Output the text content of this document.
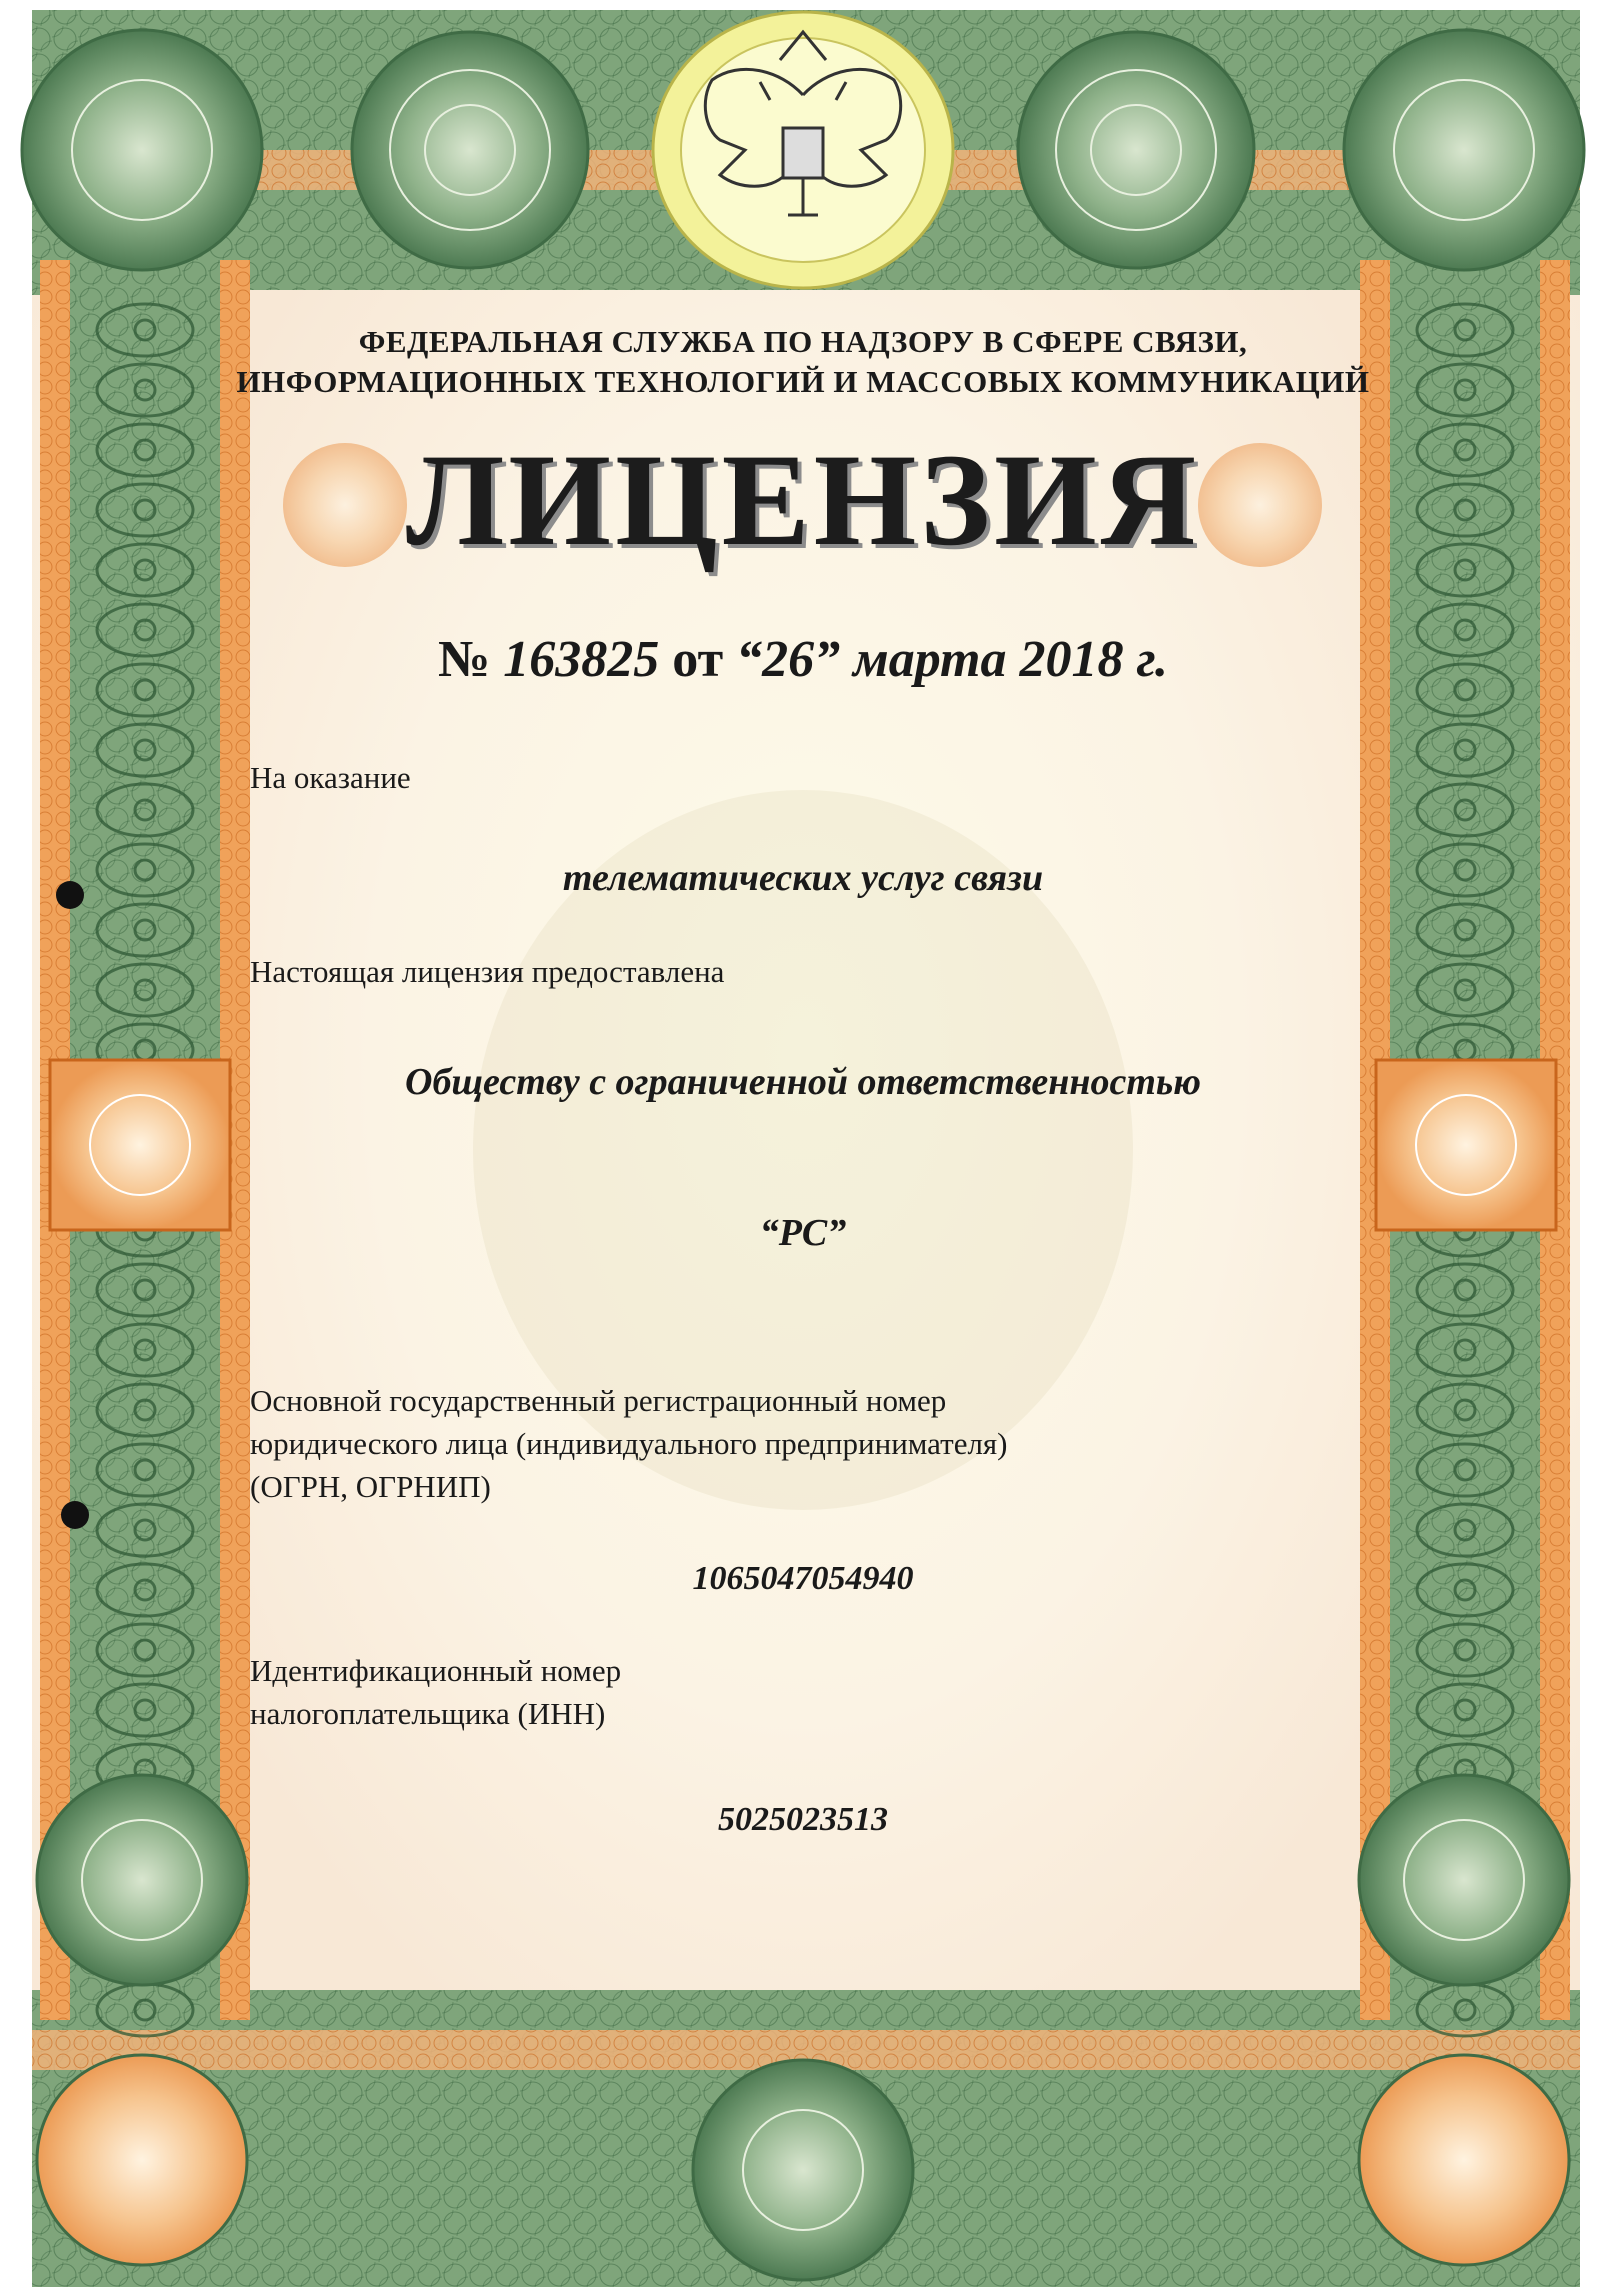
ФЕДЕРАЛЬНАЯ СЛУЖБА ПО НАДЗОРУ В СФЕРЕ СВЯЗИ,
ИНФОРМАЦИОННЫХ ТЕХНОЛОГИЙ И МАССОВЫХ КОММУНИКАЦИЙ
ЛИЦЕНЗИЯ
№ 163825 от “26” марта 2018 г.
На оказание
телематических услуг связи
Настоящая лицензия предоставлена
Обществу с ограниченной ответственностью
“РС”
Основной государственный регистрационный номер
юридического лица (индивидуального предпринимателя)
(ОГРН, ОГРНИП)
1065047054940
Идентификационный номер
налогоплательщика (ИНН)
5025023513
